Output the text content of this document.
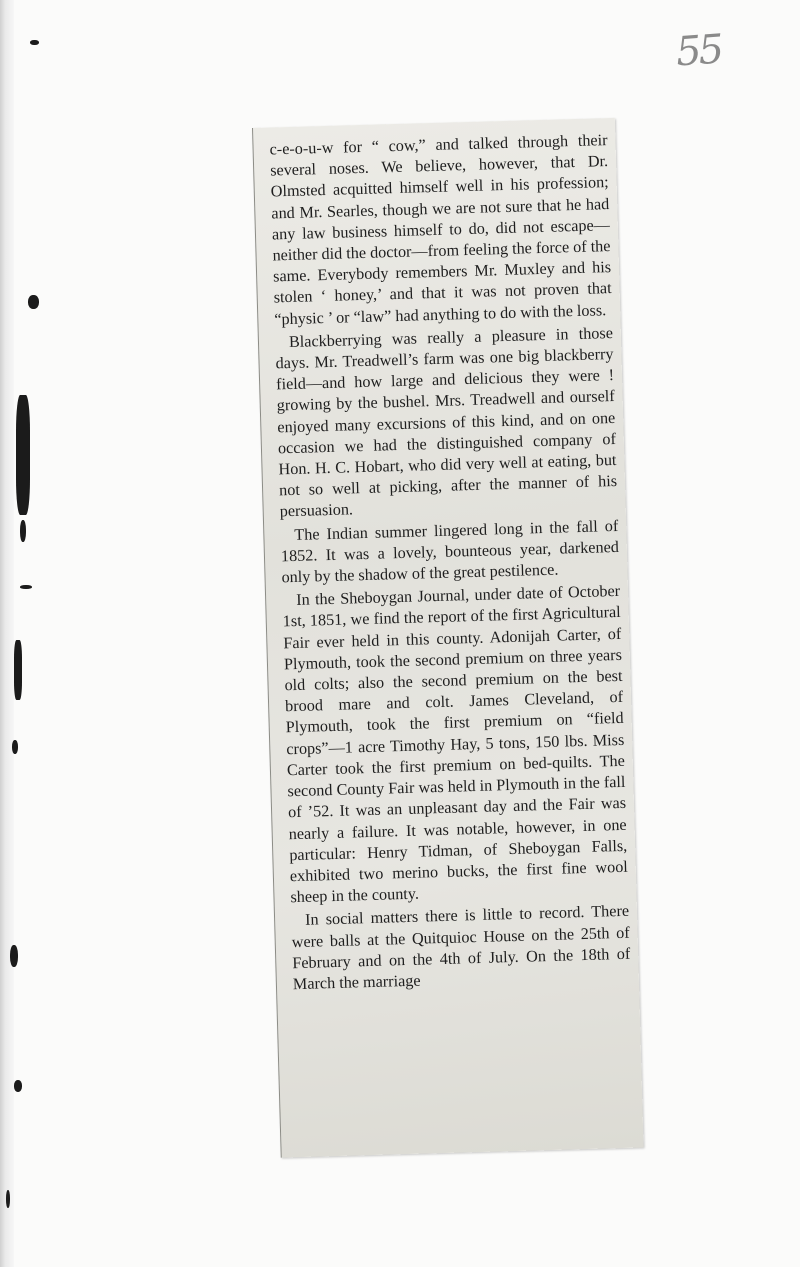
55

c-e-o-u-w for “ cow,” and talked through their several noses. We believe, however, that Dr. Olmsted acquitted himself well in his profession; and Mr. Searles, though we are not sure that he had any law business himself to do, did not escape—neither did the doctor—from feeling the force of the same. Everybody remembers Mr. Muxley and his stolen ‘ honey,’ and that it was not proven that “physic ’ or “law” had anything to do with the loss.

Blackberrying was really a pleasure in those days. Mr. Treadwell’s farm was one big blackberry field—and how large and delicious they were ! growing by the bushel. Mrs. Treadwell and ourself enjoyed many excursions of this kind, and on one occasion we had the distinguished company of Hon. H. C. Hobart, who did very well at eating, but not so well at picking, after the manner of his persuasion.

The Indian summer lingered long in the fall of 1852. It was a lovely, bounteous year, darkened only by the shadow of the great pestilence.

In the Sheboygan Journal, under date of October 1st, 1851, we find the report of the first Agricultural Fair ever held in this county. Adonijah Carter, of Plymouth, took the second premium on three years old colts; also the second premium on the best brood mare and colt. James Cleveland, of Plymouth, took the first premium on “field crops”—1 acre Timothy Hay, 5 tons, 150 lbs. Miss Carter took the first premium on bed-quilts. The second County Fair was held in Plymouth in the fall of ’52. It was an unpleasant day and the Fair was nearly a failure. It was notable, however, in one particular: Henry Tidman, of Sheboygan Falls, exhibited two merino bucks, the first fine wool sheep in the county.

In social matters there is little to record. There were balls at the Quitquioc House on the 25th of February and on the 4th of July. On the 18th of March the marriage
